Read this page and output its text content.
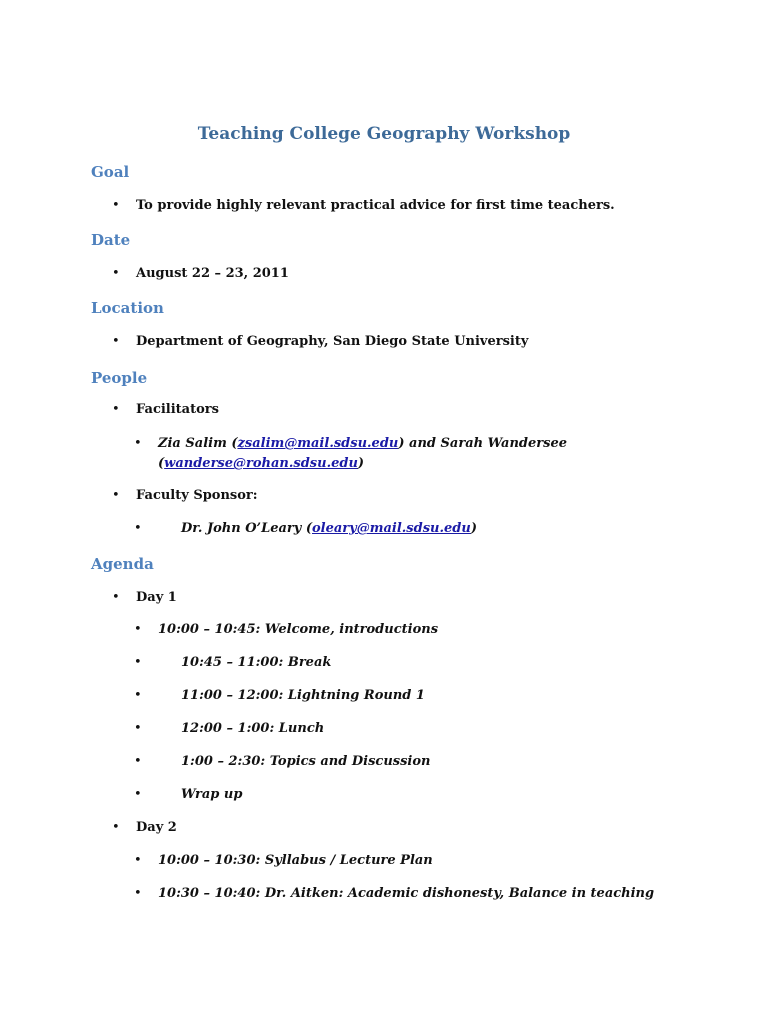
Teaching College Geography Workshop
Goal
• To provide highly relevant practical advice for first time teachers.
Date
• August 22 – 23, 2011
Location
• Department of Geography, San Diego State University
People
• Facilitators
• Zia Salim (zsalim@mail.sdsu.edu) and Sarah Wandersee
(wanderse@rohan.sdsu.edu)
• Faculty Sponsor:
•	Dr. John O’Leary (oleary@mail.sdsu.edu)
Agenda
• Day 1
• 10:00 – 10:45: Welcome, introductions
•	10:45 – 11:00: Break
•	11:00 – 12:00: Lightning Round 1
•	12:00 – 1:00: Lunch
•	1:00 – 2:30: Topics and Discussion
•	Wrap up
• Day 2
• 10:00 – 10:30: Syllabus / Lecture Plan
• 10:30 – 10:40: Dr. Aitken: Academic dishonesty, Balance in teaching
